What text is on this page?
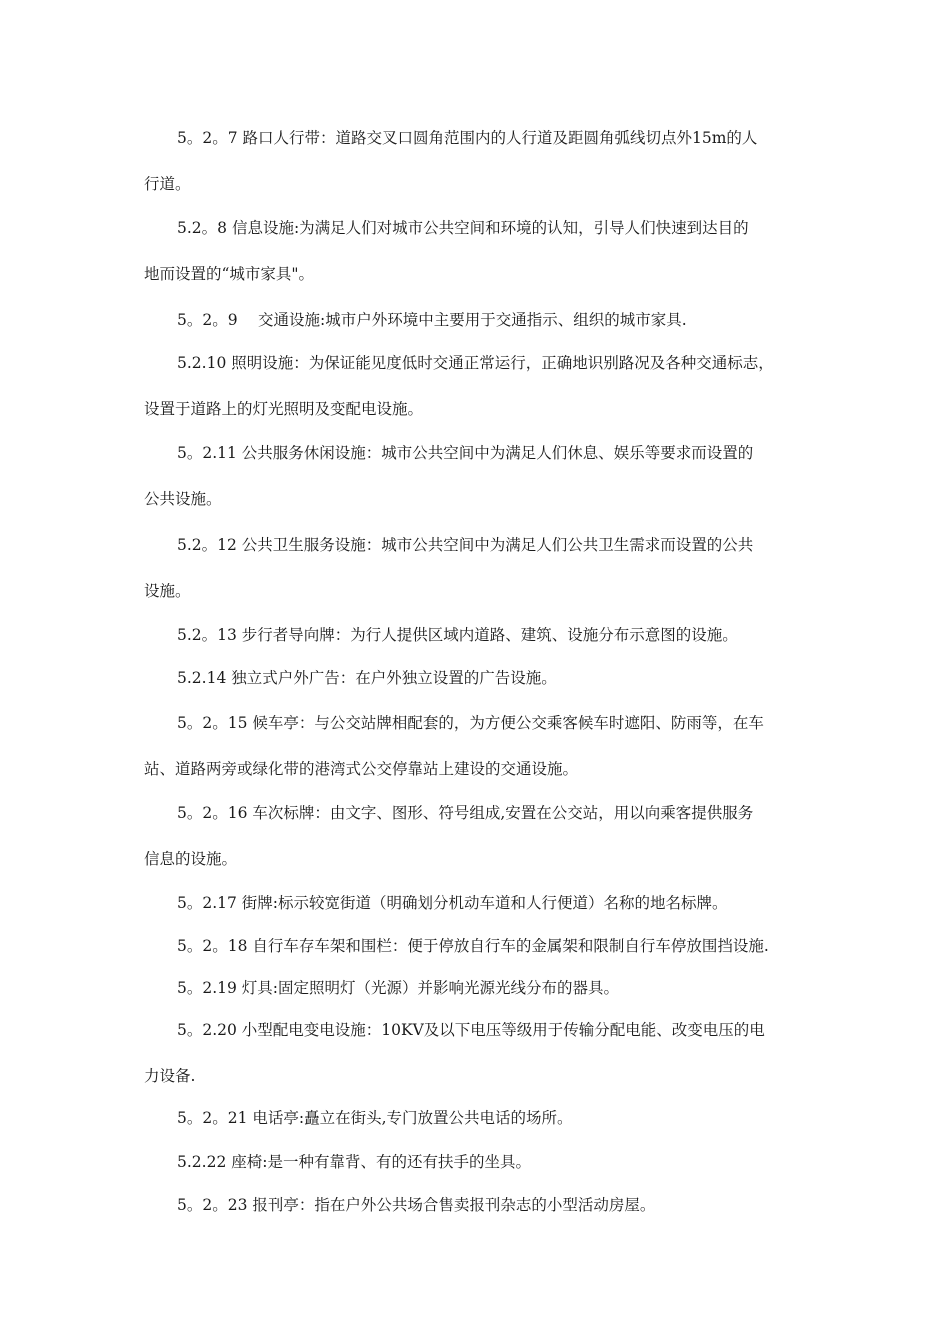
5。2。7 路口人行带：道路交叉口圆角范围内的人行道及距圆角弧线切点外15m的人
行道。

5.2。8 信息设施:为满足人们对城市公共空间和环境的认知，引导人们快速到达目的
地而设置的“城市家具"。

5。2。9　 交通设施:城市户外环境中主要用于交通指示、组织的城市家具.

5.2.10 照明设施：为保证能见度低时交通正常运行，正确地识别路况及各种交通标志，
设置于道路上的灯光照明及变配电设施。

5。2.11 公共服务休闲设施：城市公共空间中为满足人们休息、娱乐等要求而设置的
公共设施。

5.2。12 公共卫生服务设施：城市公共空间中为满足人们公共卫生需求而设置的公共
设施。

5.2。13 步行者导向牌：为行人提供区域内道路、建筑、设施分布示意图的设施。

5.2.14 独立式户外广告：在户外独立设置的广告设施。

5。2。15 候车亭：与公交站牌相配套的，为方便公交乘客候车时遮阳、防雨等，在车
站、道路两旁或绿化带的港湾式公交停靠站上建设的交通设施。

5。2。16 车次标牌：由文字、图形、符号组成,安置在公交站，用以向乘客提供服务
信息的设施。

5。2.17 街牌:标示较宽街道（明确划分机动车道和人行便道）名称的地名标牌。

5。2。18 自行车存车架和围栏：便于停放自行车的金属架和限制自行车停放围挡设施.

5。2.19 灯具:固定照明灯（光源）并影响光源光线分布的器具。

5。2.20 小型配电变电设施：10KV及以下电压等级用于传输分配电能、改变电压的电
力设备.

5。2。21 电话亭:矗立在街头,专门放置公共电话的场所。

5.2.22 座椅:是一种有靠背、有的还有扶手的坐具。

5。2。23 报刊亭：指在户外公共场合售卖报刊杂志的小型活动房屋。
